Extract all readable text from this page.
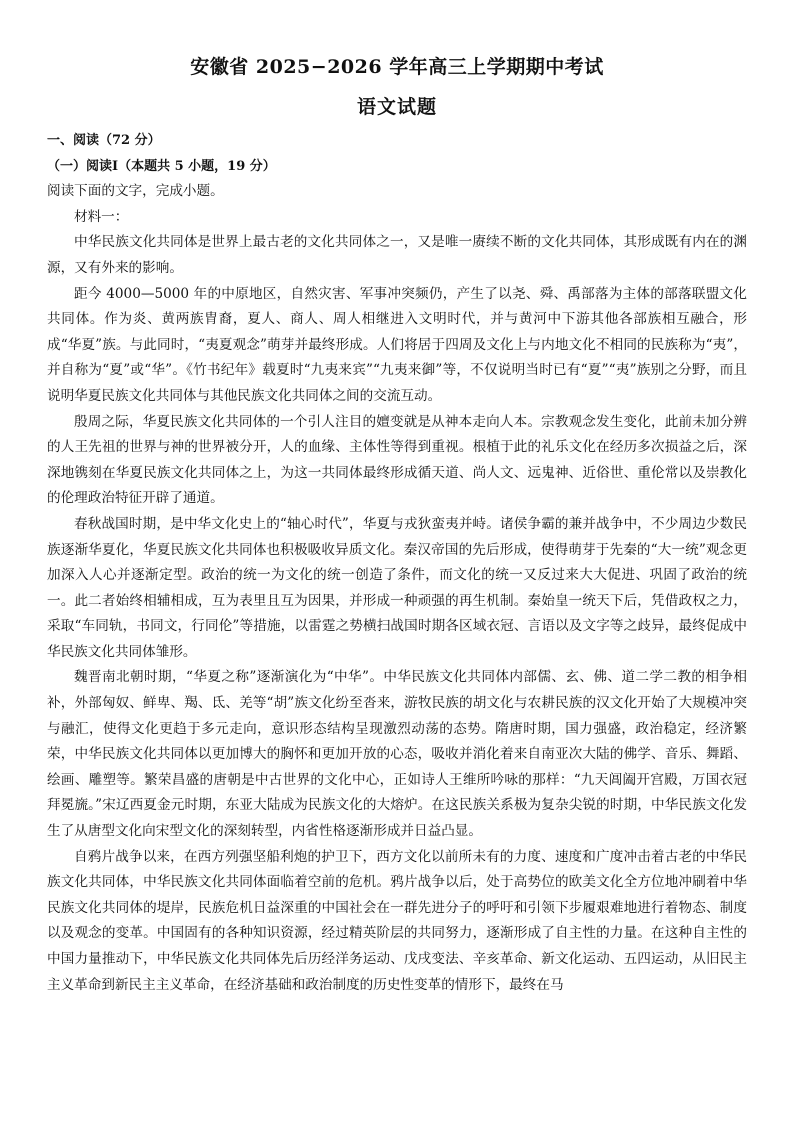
安徽省 2025−2026 学年高三上学期期中考试
语文试题

一、阅读（72 分）

（一）阅读Ⅰ（本题共 5 小题，19 分）

阅读下面的文字，完成小题。

材料一：

中华民族文化共同体是世界上最古老的文化共同体之一，又是唯一赓续不断的文化共同体，其形成既有内在的渊源，又有外来的影响。

距今 4000—5000 年的中原地区，自然灾害、军事冲突频仍，产生了以尧、舜、禹部落为主体的部落联盟文化共同体。作为炎、黄两族胄裔，夏人、商人、周人相继进入文明时代，并与黄河中下游其他各部族相互融合，形成“华夏”族。与此同时，“夷夏观念”萌芽并最终形成。人们将居于四周及文化上与内地文化不相同的民族称为“夷”，并自称为“夏”或“华”。《竹书纪年》载夏时“九夷来宾”“九夷来御”等，不仅说明当时已有“夏”“夷”族别之分野，而且说明华夏民族文化共同体与其他民族文化共同体之间的交流互动。

殷周之际，华夏民族文化共同体的一个引人注目的嬗变就是从神本走向人本。宗教观念发生变化，此前未加分辨的人王先祖的世界与神的世界被分开，人的血缘、主体性等得到重视。根植于此的礼乐文化在经历多次损益之后，深深地镌刻在华夏民族文化共同体之上，为这一共同体最终形成循天道、尚人文、远鬼神、近俗世、重伦常以及崇教化的伦理政治特征开辟了通道。

春秋战国时期，是中华文化史上的“轴心时代”，华夏与戎狄蛮夷并峙。诸侯争霸的兼并战争中，不少周边少数民族逐渐华夏化，华夏民族文化共同体也积极吸收异质文化。秦汉帝国的先后形成，使得萌芽于先秦的“大一统”观念更加深入人心并逐渐定型。政治的统一为文化的统一创造了条件，而文化的统一又反过来大大促进、巩固了政治的统一。此二者始终相辅相成，互为表里且互为因果，并形成一种顽强的再生机制。秦始皇一统天下后，凭借政权之力，采取“车同轨，书同文，行同伦”等措施，以雷霆之势横扫战国时期各区域衣冠、言语以及文字等之歧异，最终促成中华民族文化共同体雏形。

魏晋南北朝时期，“华夏之称”逐渐演化为“中华”。中华民族文化共同体内部儒、玄、佛、道二学二教的相争相补，外部匈奴、鲜卑、羯、氐、羌等“胡”族文化纷至沓来，游牧民族的胡文化与农耕民族的汉文化开始了大规模冲突与融汇，使得文化更趋于多元走向，意识形态结构呈现激烈动荡的态势。隋唐时期，国力强盛，政治稳定，经济繁荣，中华民族文化共同体以更加博大的胸怀和更加开放的心态，吸收并消化着来自南亚次大陆的佛学、音乐、舞蹈、绘画、雕塑等。繁荣昌盛的唐朝是中古世界的文化中心，正如诗人王维所吟咏的那样：“九天阊阖开宫殿，万国衣冠拜冕旒。”宋辽西夏金元时期，东亚大陆成为民族文化的大熔炉。在这民族关系极为复杂尖锐的时期，中华民族文化发生了从唐型文化向宋型文化的深刻转型，内省性格逐渐形成并日益凸显。

自鸦片战争以来，在西方列强坚船利炮的护卫下，西方文化以前所未有的力度、速度和广度冲击着古老的中华民族文化共同体，中华民族文化共同体面临着空前的危机。鸦片战争以后，处于高势位的欧美文化全方位地冲刷着中华民族文化共同体的堤岸，民族危机日益深重的中国社会在一群先进分子的呼吁和引领下步履艰难地进行着物态、制度以及观念的变革。中国固有的各种知识资源，经过精英阶层的共同努力，逐渐形成了自主性的力量。在这种自主性的中国力量推动下，中华民族文化共同体先后历经洋务运动、戊戌变法、辛亥革命、新文化运动、五四运动，从旧民主主义革命到新民主主义革命，在经济基础和政治制度的历史性变革的情形下，最终在马
